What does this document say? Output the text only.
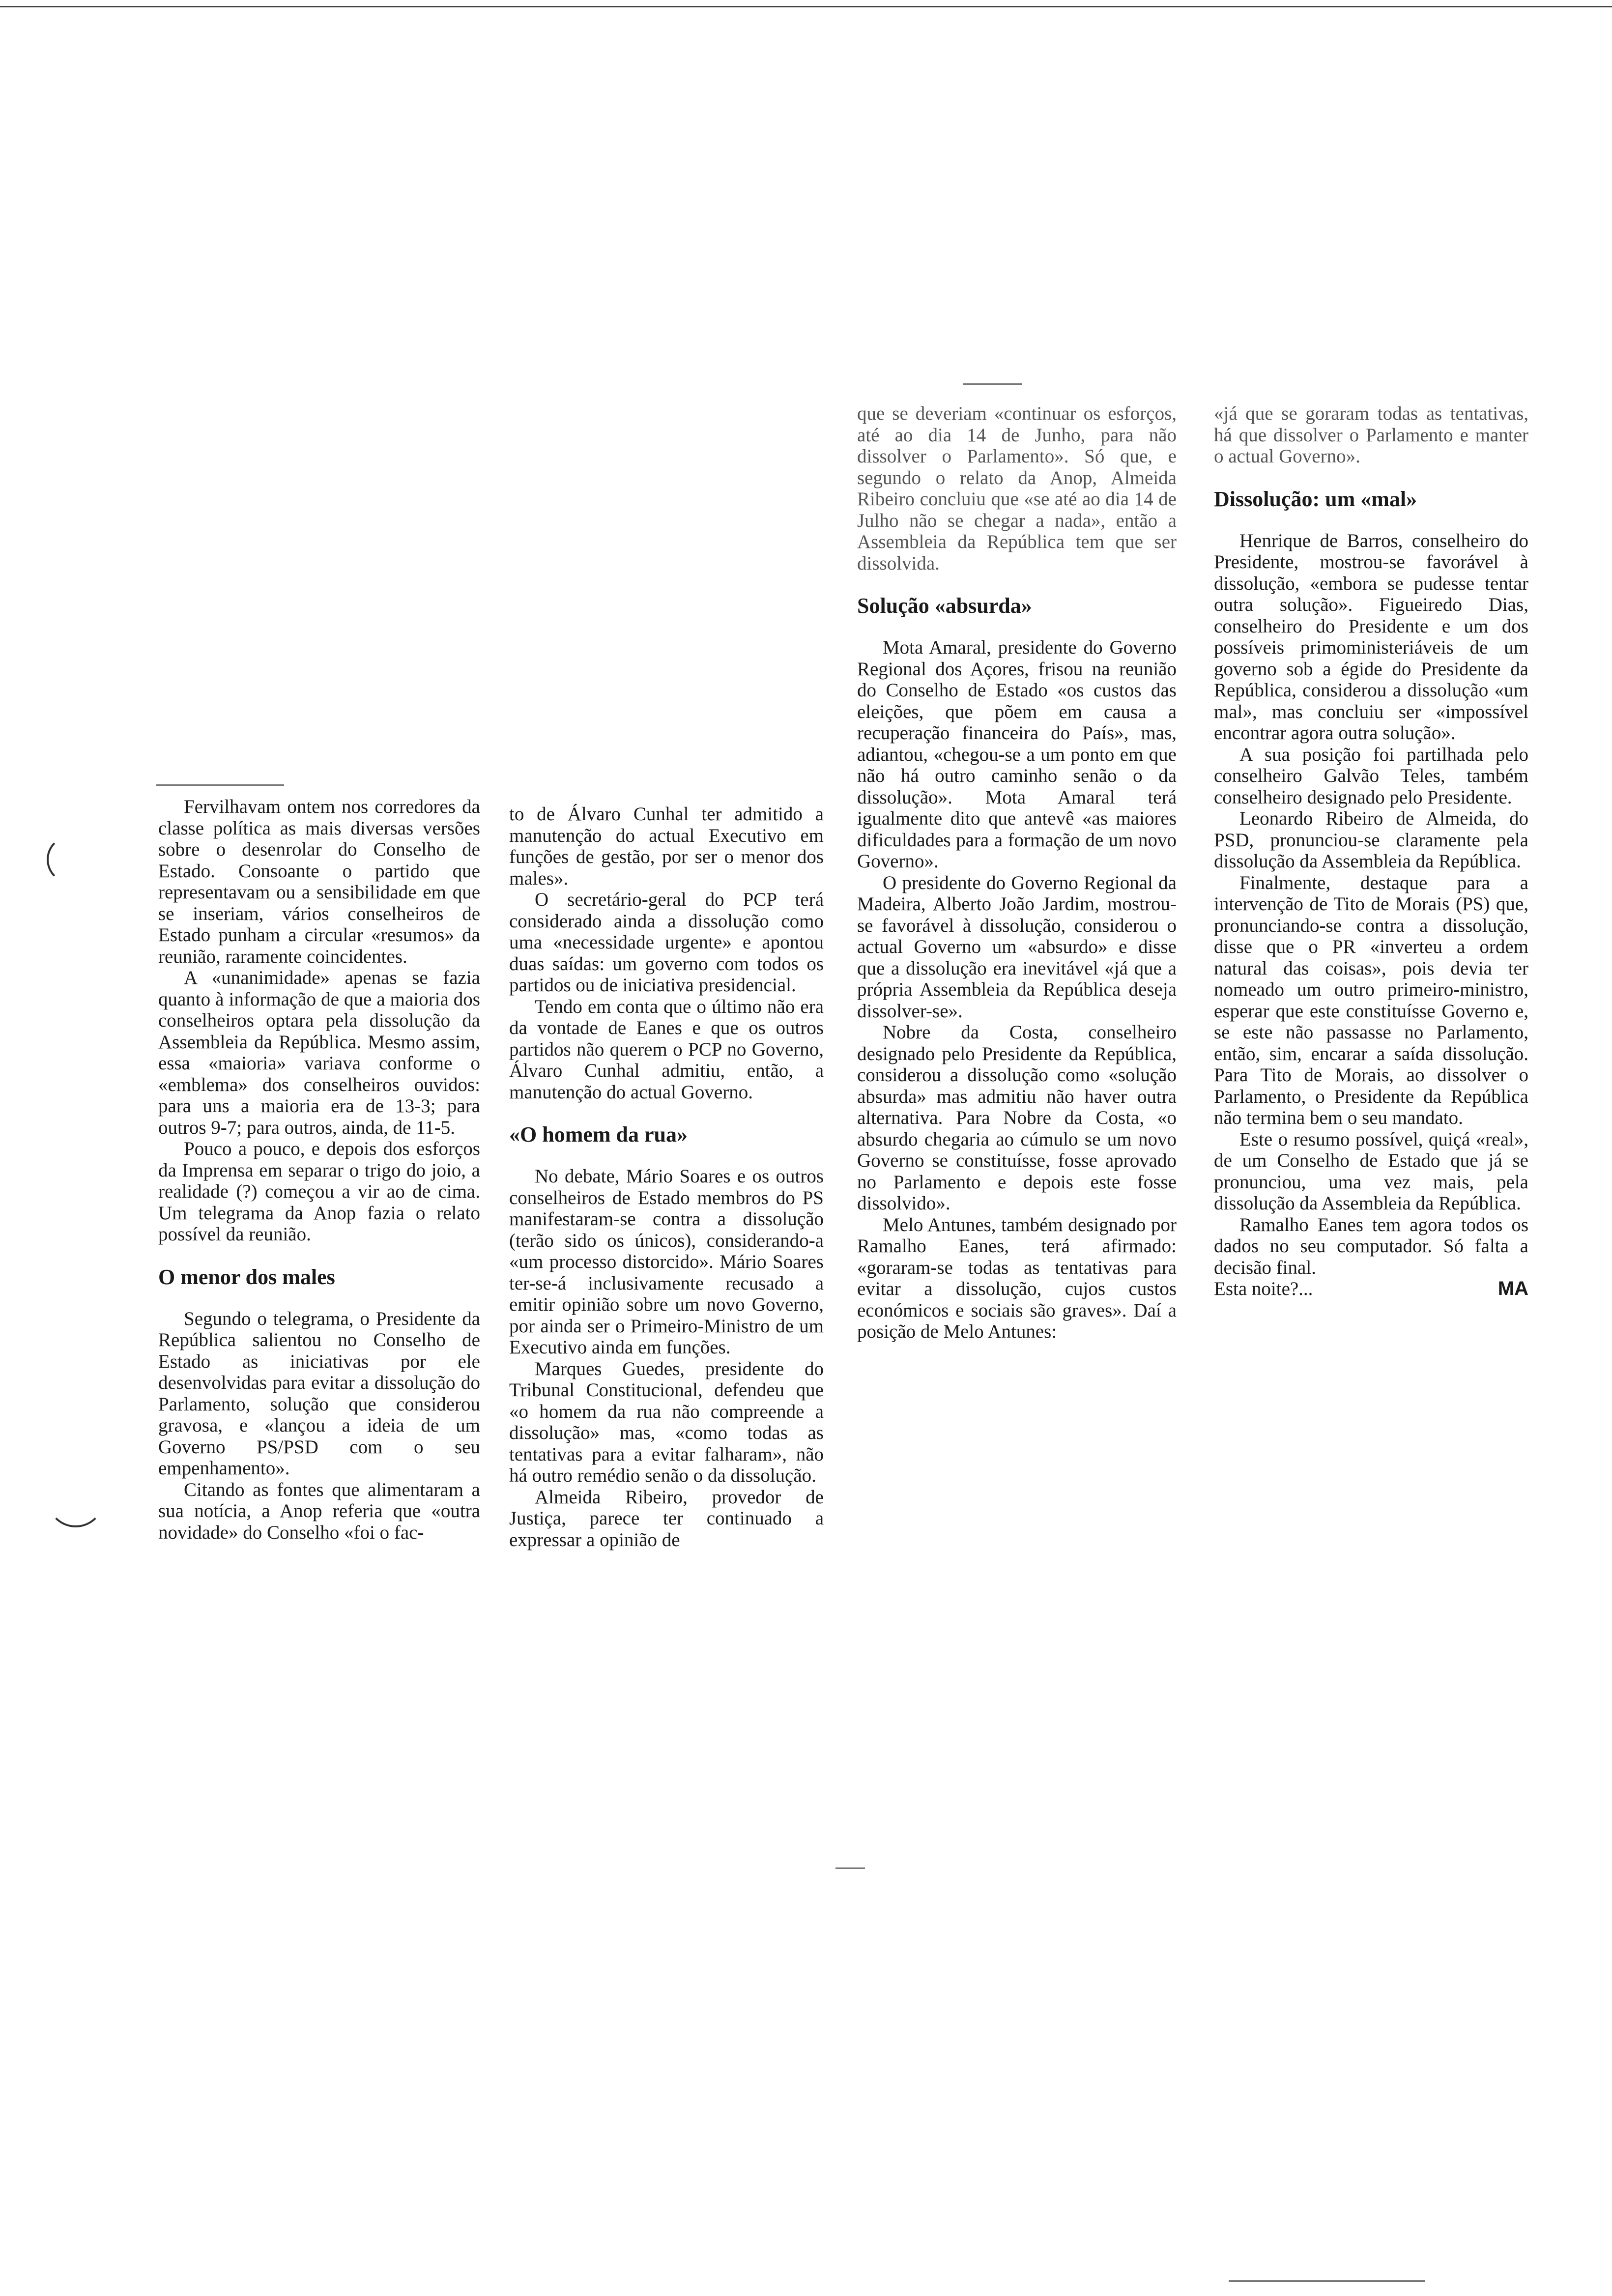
Fervilhavam ontem nos corredores da classe política as mais diversas versões sobre o desenrolar do Conselho de Estado. Consoante o partido que representavam ou a sensibilidade em que se inseriam, vários conselheiros de Estado punham a circular «resumos» da reunião, raramente coincidentes.

A «unanimidade» apenas se fazia quanto à informação de que a maioria dos conselheiros optara pela dissolução da Assembleia da República. Mesmo assim, essa «maioria» variava conforme o «emblema» dos conselheiros ouvidos: para uns a maioria era de 13-3; para outros 9-7; para outros, ainda, de 11-5.

Pouco a pouco, e depois dos esforços da Imprensa em separar o trigo do joio, a realidade (?) começou a vir ao de cima. Um telegrama da Anop fazia o relato possível da reunião.

O menor dos males

Segundo o telegrama, o Presidente da República salientou no Conselho de Estado as iniciativas por ele desenvolvidas para evitar a dissolução do Parlamento, solução que considerou gravosa, e «lançou a ideia de um Governo PS/PSD com o seu empenhamento».

Citando as fontes que alimentaram a sua notícia, a Anop referia que «outra novidade» do Conselho «foi o fac-

to de Álvaro Cunhal ter admitido a manutenção do actual Executivo em funções de gestão, por ser o menor dos males».

O secretário-geral do PCP terá considerado ainda a dissolução como uma «necessidade urgente» e apontou duas saídas: um governo com todos os partidos ou de iniciativa presidencial.

Tendo em conta que o último não era da vontade de Eanes e que os outros partidos não querem o PCP no Governo, Álvaro Cunhal admitiu, então, a manutenção do actual Governo.

«O homem da rua»

No debate, Mário Soares e os outros conselheiros de Estado membros do PS manifestaram-se contra a dissolução (terão sido os únicos), considerando-a «um processo distorcido». Mário Soares ter-se-á inclusivamente recusado a emitir opinião sobre um novo Governo, por ainda ser o Primeiro-Ministro de um Executivo ainda em funções.

Marques Guedes, presidente do Tribunal Constitucional, defendeu que «o homem da rua não compreende a dissolução» mas, «como todas as tentativas para a evitar falharam», não há outro remédio senão o da dissolução.

Almeida Ribeiro, provedor de Justiça, parece ter continuado a expressar a opinião de

que se deveriam «continuar os esforços, até ao dia 14 de Junho, para não dissolver o Parlamento». Só que, e segundo o relato da Anop, Almeida Ribeiro concluiu que «se até ao dia 14 de Julho não se chegar a nada», então a Assembleia da República tem que ser dissolvida.

Solução «absurda»

Mota Amaral, presidente do Governo Regional dos Açores, frisou na reunião do Conselho de Estado «os custos das eleições, que põem em causa a recuperação financeira do País», mas, adiantou, «chegou-se a um ponto em que não há outro caminho senão o da dissolução». Mota Amaral terá igualmente dito que antevê «as maiores dificuldades para a formação de um novo Governo».

O presidente do Governo Regional da Madeira, Alberto João Jardim, mostrou-se favorável à dissolução, considerou o actual Governo um «absurdo» e disse que a dissolução era inevitável «já que a própria Assembleia da República deseja dissolver-se».

Nobre da Costa, conselheiro designado pelo Presidente da República, considerou a dissolução como «solução absurda» mas admitiu não haver outra alternativa. Para Nobre da Costa, «o absurdo chegaria ao cúmulo se um novo Governo se constituísse, fosse aprovado no Parlamento e depois este fosse dissolvido».

Melo Antunes, também designado por Ramalho Eanes, terá afirmado: «goraram-se todas as tentativas para evitar a dissolução, cujos custos económicos e sociais são graves». Daí a posição de Melo Antunes:

«já que se goraram todas as tentativas, há que dissolver o Parlamento e manter o actual Governo».

Dissolução: um «mal»

Henrique de Barros, conselheiro do Presidente, mostrou-se favorável à dissolução, «embora se pudesse tentar outra solução». Figueiredo Dias, conselheiro do Presidente e um dos possíveis primoministeriáveis de um governo sob a égide do Presidente da República, considerou a dissolução «um mal», mas concluiu ser «impossível encontrar agora outra solução».

A sua posição foi partilhada pelo conselheiro Galvão Teles, também conselheiro designado pelo Presidente.

Leonardo Ribeiro de Almeida, do PSD, pronunciou-se claramente pela dissolução da Assembleia da República.

Finalmente, destaque para a intervenção de Tito de Morais (PS) que, pronunciando-se contra a dissolução, disse que o PR «inverteu a ordem natural das coisas», pois devia ter nomeado um outro primeiro-ministro, esperar que este constituísse Governo e, se este não passasse no Parlamento, então, sim, encarar a saída dissolução. Para Tito de Morais, ao dissolver o Parlamento, o Presidente da República não termina bem o seu mandato.

Este o resumo possível, quiçá «real», de um Conselho de Estado que já se pronunciou, uma vez mais, pela dissolução da Assembleia da República.

Ramalho Eanes tem agora todos os dados no seu computador. Só falta a decisão final.

Esta noite?...	MA
